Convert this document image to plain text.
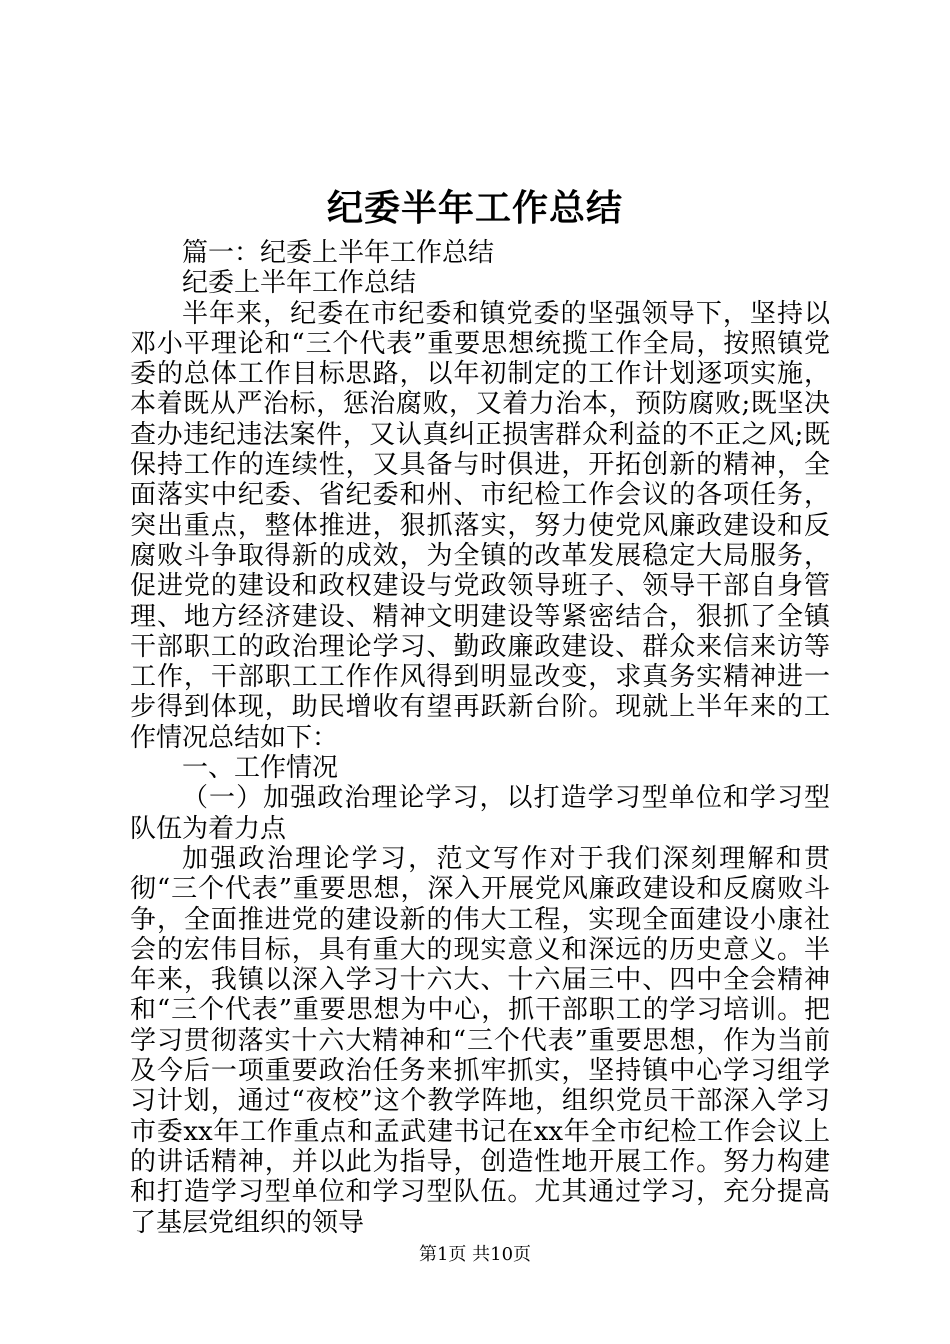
纪委半年工作总结

篇一：纪委上半年工作总结

纪委上半年工作总结

半年来，纪委在市纪委和镇党委的坚强领导下，坚持以邓小平理论和“三个代表”重要思想统揽工作全局，按照镇党委的总体工作目标思路，以年初制定的工作计划逐项实施，本着既从严治标，惩治腐败，又着力治本，预防腐败;既坚决查办违纪违法案件，又认真纠正损害群众利益的不正之风;既保持工作的连续性，又具备与时俱进，开拓创新的精神，全面落实中纪委、省纪委和州、市纪检工作会议的各项任务，突出重点，整体推进，狠抓落实，努力使党风廉政建设和反腐败斗争取得新的成效，为全镇的改革发展稳定大局服务，促进党的建设和政权建设与党政领导班子、领导干部自身管理、地方经济建设、精神文明建设等紧密结合，狠抓了全镇干部职工的政治理论学习、勤政廉政建设、群众来信来访等工作，干部职工工作作风得到明显改变，求真务实精神进一步得到体现，助民增收有望再跃新台阶。现就上半年来的工作情况总结如下：

一、工作情况

（一）加强政治理论学习，以打造学习型单位和学习型队伍为着力点

加强政治理论学习，范文写作对于我们深刻理解和贯彻“三个代表”重要思想，深入开展党风廉政建设和反腐败斗争，全面推进党的建设新的伟大工程，实现全面建设小康社会的宏伟目标，具有重大的现实意义和深远的历史意义。半年来，我镇以深入学习十六大、十六届三中、四中全会精神和“三个代表”重要思想为中心，抓干部职工的学习培训。把学习贯彻落实十六大精神和“三个代表”重要思想，作为当前及今后一项重要政治任务来抓牢抓实，坚持镇中心学习组学习计划，通过“夜校”这个教学阵地，组织党员干部深入学习市委xx年工作重点和孟武建书记在xx年全市纪检工作会议上的讲话精神，并以此为指导，创造性地开展工作。努力构建和打造学习型单位和学习型队伍。尤其通过学习，充分提高了基层党组织的领导

第1页 共10页
